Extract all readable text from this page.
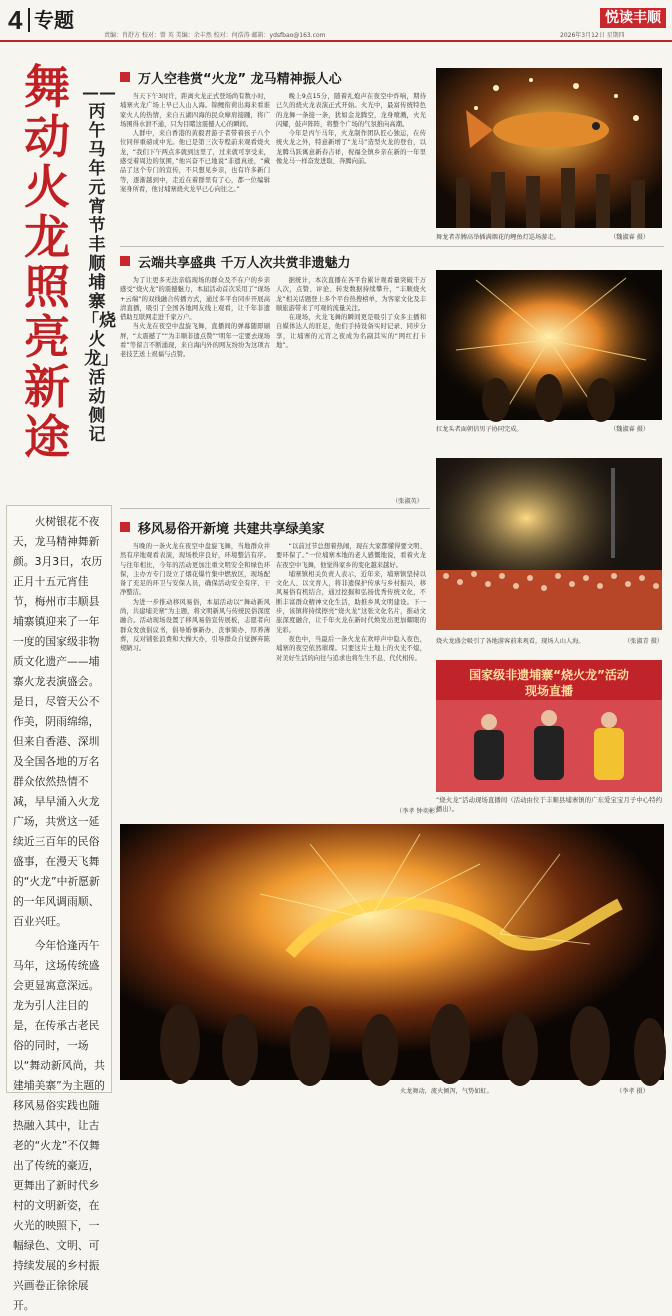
4 专题
责编：肖舒方 校对：曾 英 美编：余丰然 校对：何浩涛 邮箱：ydsfbao@163.com	2026年3月12日 星期四
悦读丰顺
舞动火龙照亮新途
——丙午马年元宵节丰顺埔寨「烧火龙」活动侧记

火树银花不夜天，龙马精神舞新颜。3月3日，农历正月十五元宵佳节，梅州市丰顺县埔寨镇迎来了一年一度的国家级非物质文化遗产——埔寨火龙表演盛会。是日，尽管天公不作美，阴雨绵绵，但来自香港、深圳及全国各地的万名群众依然热情不减，早早涌入火龙广场，共赏这一延续近三百年的民俗盛事，在漫天飞舞的“火龙”中祈愿新的一年风调雨顺、百业兴旺。

今年恰逢丙午马年，这场传统盛会更显寓意深远。龙为引人注目的是，在传承古老民俗的同时，一场以“舞动新风尚，共建埔美寨”为主题的移风易俗实践也随热融入其中，让古老的“火龙”不仅舞出了传统的豪迈，更舞出了新时代乡村的文明新姿，在火光的映照下，一幅绿色、文明、可持续发展的乡村振兴画卷正徐徐展开。

万人空巷赏“火龙” 龙马精神振人心

当天下午3时许，距离火龙正式登场尚有数小时，埔寨火龙广场上早已人山人海。锦鲤衔荷出海来看谁家火人的热情，来自五湖四海的民众摩肩接踵，将广场围得水泄不通，只为目睹这震撼人心的瞬间。

人群中，来自香港的黄毅君游子者带着孩子八个位同伴重磅成中光。他已是第三次专程前来观看烧火龙，“我们下午两点多就到这里了，过来就可享受来，感受着周边的氛围，”他兴奋不已地说“非遗真迹，“藏品了这个专门的宣传，不只想见乡亲，也有许多新门等，逐渐越到中，走近在着群里有了心，都一位编辑案身所看，他讨埔寨烧火龙早已心向往之。”

晚上9点15分，随着礼炮声在夜空中炸响，期待已久的烧火龙表演正式开始。火光中，最富传统特色的龙舞一条接一条，犹如金龙腾空，龙身喷溅，火光闪耀，鼓声阵阵，将整个广场的气氛推向高潮。

今年是丙午马年，火龙制作团队匠心独运，在传统火龙之外，特意新增了“龙马”造型火龙的登台，以龙腾马跃寓意新春吉祥，祝福全镇乡亲在新的一年里像龙马一样奋发进取、奔腾向前。

舞龙者赤膊高举插满烟花的鲤鱼灯巡场游走。	（魏淑睿 摄）
云端共享盛典 千万人次共赏非遗魅力

为了让更多无法亲临现场的群众及不在户的乡亲感受“烧火龙”的震撼魅力，本届活动首次采用了“现场+云端”的双线融合传播方式，通过多平台同步开展高清直播，吸引了全国各地网友线上观看，让千年非遗借助互联网走进千家万户。

当火龙在夜空中盘旋飞舞，直播间的弹幕随即刷屏，“太震撼了”“为丰顺非遗点赞”“明年一定要去现场看”等留言不断涌现，来自海内外的网友纷纷为这项古老技艺送上祝福与点赞。

据统计，本次直播在各平台累计观看量突破千万人次，点赞、评论、转发数据持续攀升，“丰顺烧火龙”相关话题登上多个平台热搜榜单，为客家文化及丰顺旅游带来了可观的流量关注。

在现场，火龙飞舞的瞬间更是吸引了众多主播和自媒体达人的驻足，他们手持设备实时记录、同步分享，让埔寨的元宵之夜成为名副其实的“网红打卡地”。

（张淑英）
扛龙头者面朝信男子协同完成。	（魏淑睿 摄）
移风易俗开新境 共建共享绿美家

当晚的一条火龙在夜空中盘旋飞舞，当地群众井然有序地观看表演，现场秩序良好，环境整洁有序。与往年相比，今年的活动更加注重文明安全和绿色环保，主办方专门设立了烟花爆竹集中燃放区，现场配备了充足的环卫与安保人员，确保活动安全有序、干净整洁。

为进一步推动移风易俗，本届活动以“舞动新风尚，共建埔美寨”为主题，将文明新风与传统民俗深度融合。活动现场设置了移风易俗宣传展板，志愿者向群众发放倡议书，倡导婚事新办、丧事简办、厚养薄葬，反对铺张浪费和大操大办，引导群众自觉摒弃陈规陋习。

“以前过节总想着热闹，现在大家都懂得要文明、要环保了。”一位埔寨本地的老人感慨地说，看着火龙在夜空中飞舞，他觉得家乡的变化越来越好。

埔寨镇相关负责人表示，近年来，埔寨镇坚持以文化人、以文育人，将非遗保护传承与乡村振兴、移风易俗有机结合，通过挖掘和弘扬优秀传统文化，不断丰富群众精神文化生活，助推乡风文明建设。下一步，该镇将持续擦亮“烧火龙”这张文化名片，推动文旅深度融合，让千年火龙在新时代焕发出更加耀眼的光彩。

夜色中，当最后一条火龙在欢呼声中隐入夜色，埔寨的夜空依然璀璨。只要这片土地上的火光不熄，对美好生活的向往与追求也将生生不息、代代相传。

（李孝 钟奕彬）
烧火龙盛会吸引了各地游客前来观看，现场人山人海。	（张淑青 摄）
国家级非遗埔寨“烧火龙”活动
现场直播
“烧火龙”活动现场直播间（活动由位于丰顺县埔寨镇的广东爱宝宝月子中心特约播出）。
火龙舞动，流火倾泻，气势如虹。	（李孝 摄）
